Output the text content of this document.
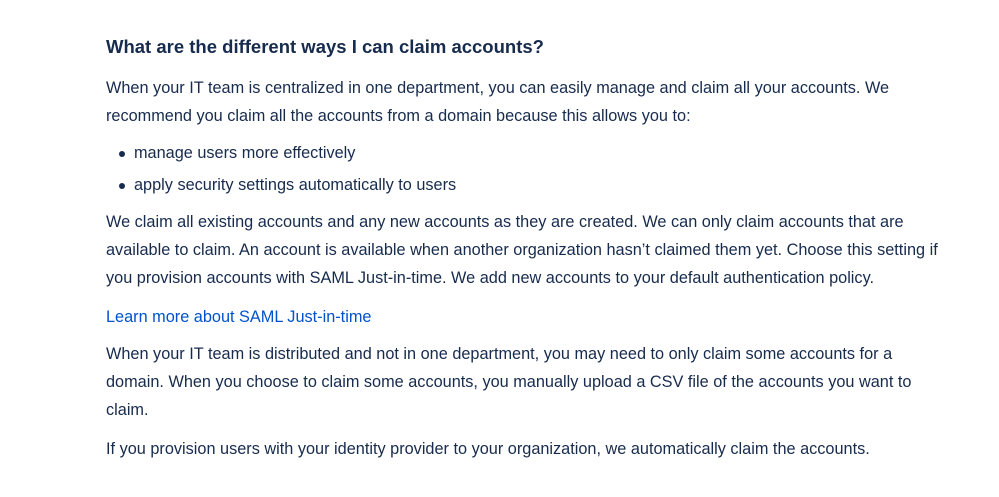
What are the different ways I can claim accounts?

When your IT team is centralized in one department, you can easily manage and claim all your accounts. We
recommend you claim all the accounts from a domain because this allows you to:

manage users more effectively
apply security settings automatically to users

We claim all existing accounts and any new accounts as they are created. We can only claim accounts that are
available to claim. An account is available when another organization hasn’t claimed them yet. Choose this setting if
you provision accounts with SAML Just-in-time. We add new accounts to your default authentication policy.

Learn more about SAML Just-in-time

When your IT team is distributed and not in one department, you may need to only claim some accounts for a
domain. When you choose to claim some accounts, you manually upload a CSV file of the accounts you want to
claim.

If you provision users with your identity provider to your organization, we automatically claim the accounts.
